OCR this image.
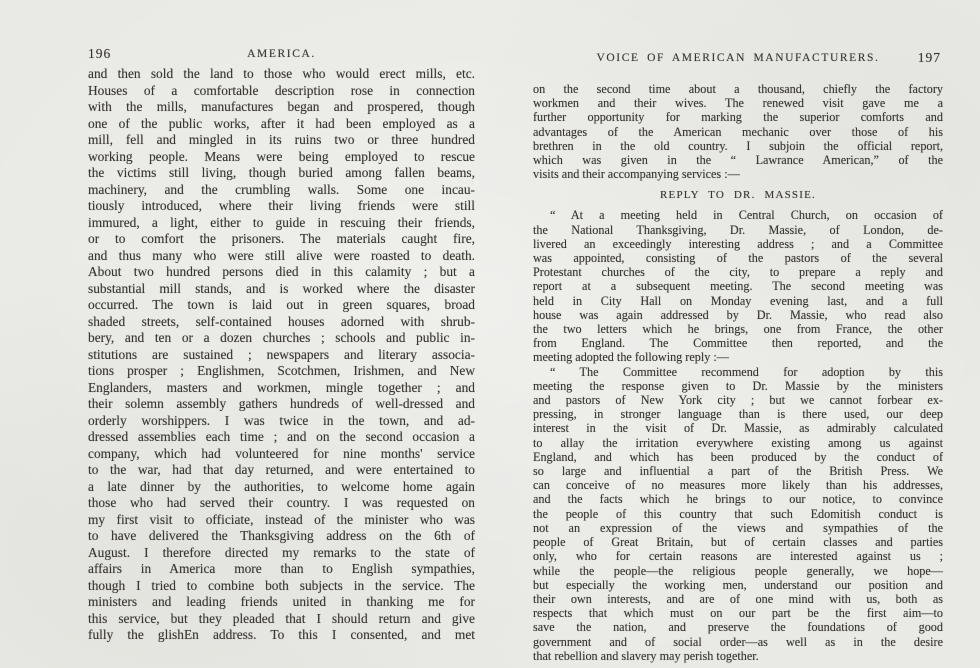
196	AMERICA.
and then sold the land to those who would erect mills, etc.
Houses of a comfortable description rose in connection
with the mills, manufactures began and prospered, though
one of the public works, after it had been employed as a
mill, fell and mingled in its ruins two or three hundred
working people. Means were being employed to rescue
the victims still living, though buried among fallen beams,
machinery, and the crumbling walls. Some one incau-
tiously introduced, where their living friends were still
immured, a light, either to guide in rescuing their friends,
or to comfort the prisoners. The materials caught fire,
and thus many who were still alive were roasted to death.
About two hundred persons died in this calamity ; but a
substantial mill stands, and is worked where the disaster
occurred. The town is laid out in green squares, broad
shaded streets, self-contained houses adorned with shrub-
bery, and ten or a dozen churches ; schools and public in-
stitutions are sustained ; newspapers and literary associa-
tions prosper ; Englishmen, Scotchmen, Irishmen, and New
Englanders, masters and workmen, mingle together ; and
their solemn assembly gathers hundreds of well-dressed and
orderly worshippers. I was twice in the town, and ad-
dressed assemblies each time ; and on the second occasion a
company, which had volunteered for nine months' service
to the war, had that day returned, and were entertained to
a late dinner by the authorities, to welcome home again
those who had served their country. I was requested on
my first visit to officiate, instead of the minister who was
to have delivered the Thanksgiving address on the 6th of
August. I therefore directed my remarks to the state of
affairs in America more than to English sympathies,
though I tried to combine both subjects in the service. The
ministers and leading friends united in thanking me for
this service, but they pleaded that I should return and give
fully the glishEn address. To this I consented, and met
VOICE OF AMERICAN MANUFACTURERS.	197
on the second time about a thousand, chiefly the factory
workmen and their wives. The renewed visit gave me a
further opportunity for marking the superior comforts and
advantages of the American mechanic over those of his
brethren in the old country. I subjoin the official report,
which was given in the “ Lawrance American,” of the
visits and their accompanying services :—
REPLY TO DR. MASSIE.
“ At a meeting held in Central Church, on occasion of
the National Thanksgiving, Dr. Massie, of London, de-
livered an exceedingly interesting address ; and a Committee
was appointed, consisting of the pastors of the several
Protestant churches of the city, to prepare a reply and
report at a subsequent meeting. The second meeting was
held in City Hall on Monday evening last, and a full
house was again addressed by Dr. Massie, who read also
the two letters which he brings, one from France, the other
from England. The Committee then reported, and the
meeting adopted the following reply :—
“ The Committee recommend for adoption by this
meeting the response given to Dr. Massie by the ministers
and pastors of New York city ; but we cannot forbear ex-
pressing, in stronger language than is there used, our deep
interest in the visit of Dr. Massie, as admirably calculated
to allay the irritation everywhere existing among us against
England, and which has been produced by the conduct of
so large and influential a part of the British Press. We
can conceive of no measures more likely than his addresses,
and the facts which he brings to our notice, to convince
the people of this country that such Edomitish conduct is
not an expression of the views and sympathies of the
people of Great Britain, but of certain classes and parties
only, who for certain reasons are interested against us ;
while the people—the religious people generally, we hope—
but especially the working men, understand our position and
their own interests, and are of one mind with us, both as
respects that which must on our part be the first aim—to
save the nation, and preserve the foundations of good
government and of social order—as well as in the desire
that rebellion and slavery may perish together.
